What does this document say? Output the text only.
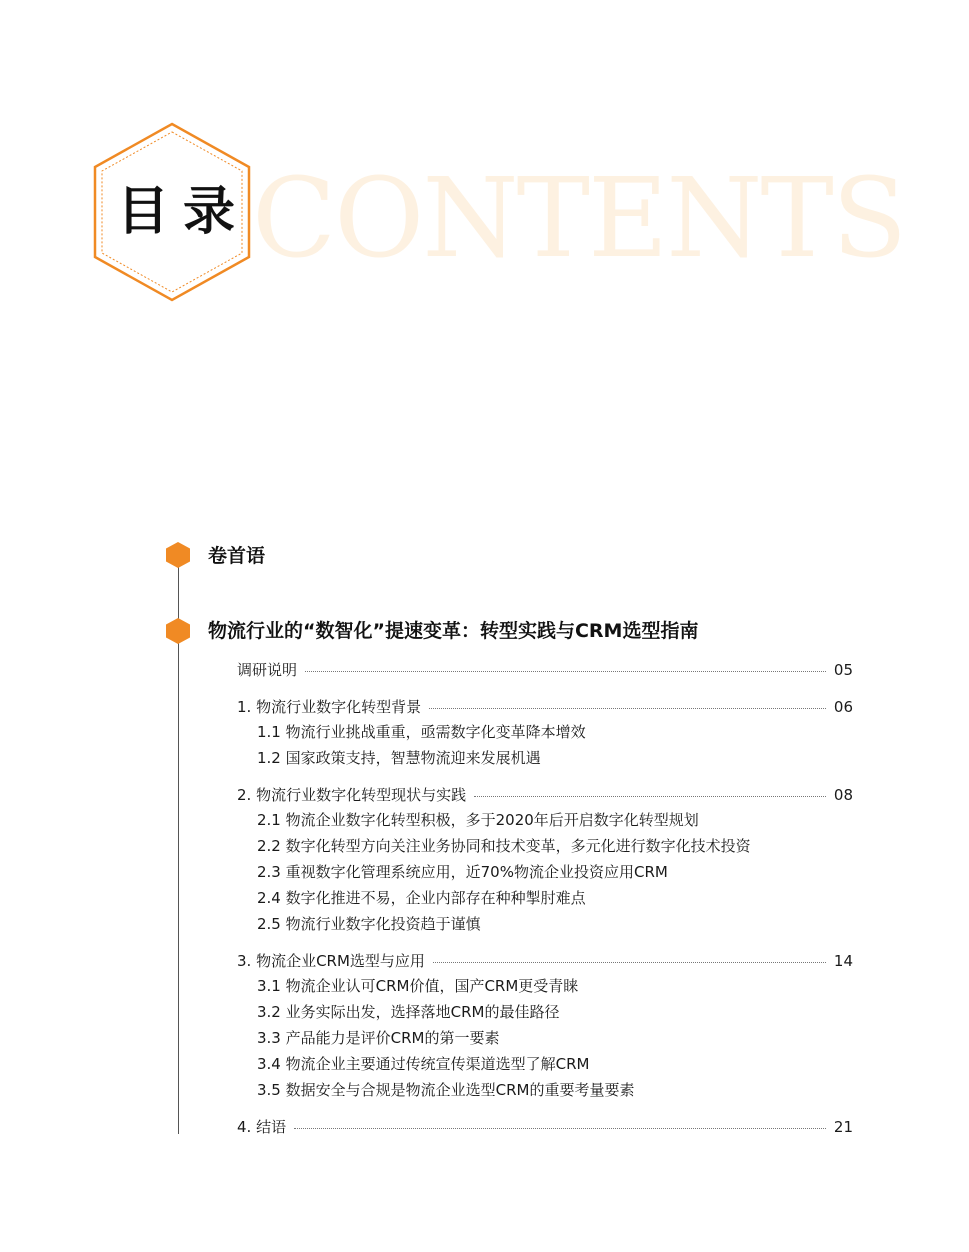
CONTENTS
目录
卷首语
物流行业的“数智化”提速变革：转型实践与CRM选型指南
调研说明	05
1. 物流行业数字化转型背景	06
1.1 物流行业挑战重重，亟需数字化变革降本增效
1.2 国家政策支持，智慧物流迎来发展机遇
2. 物流行业数字化转型现状与实践	08
2.1 物流企业数字化转型积极，多于2020年后开启数字化转型规划
2.2 数字化转型方向关注业务协同和技术变革，多元化进行数字化技术投资
2.3 重视数字化管理系统应用，近70%物流企业投资应用CRM
2.4 数字化推进不易，企业内部存在种种掣肘难点
2.5 物流行业数字化投资趋于谨慎
3. 物流企业CRM选型与应用	14
3.1 物流企业认可CRM价值，国产CRM更受青睐
3.2 业务实际出发，选择落地CRM的最佳路径
3.3 产品能力是评价CRM的第一要素
3.4 物流企业主要通过传统宣传渠道选型了解CRM
3.5 数据安全与合规是物流企业选型CRM的重要考量要素
4. 结语	21
